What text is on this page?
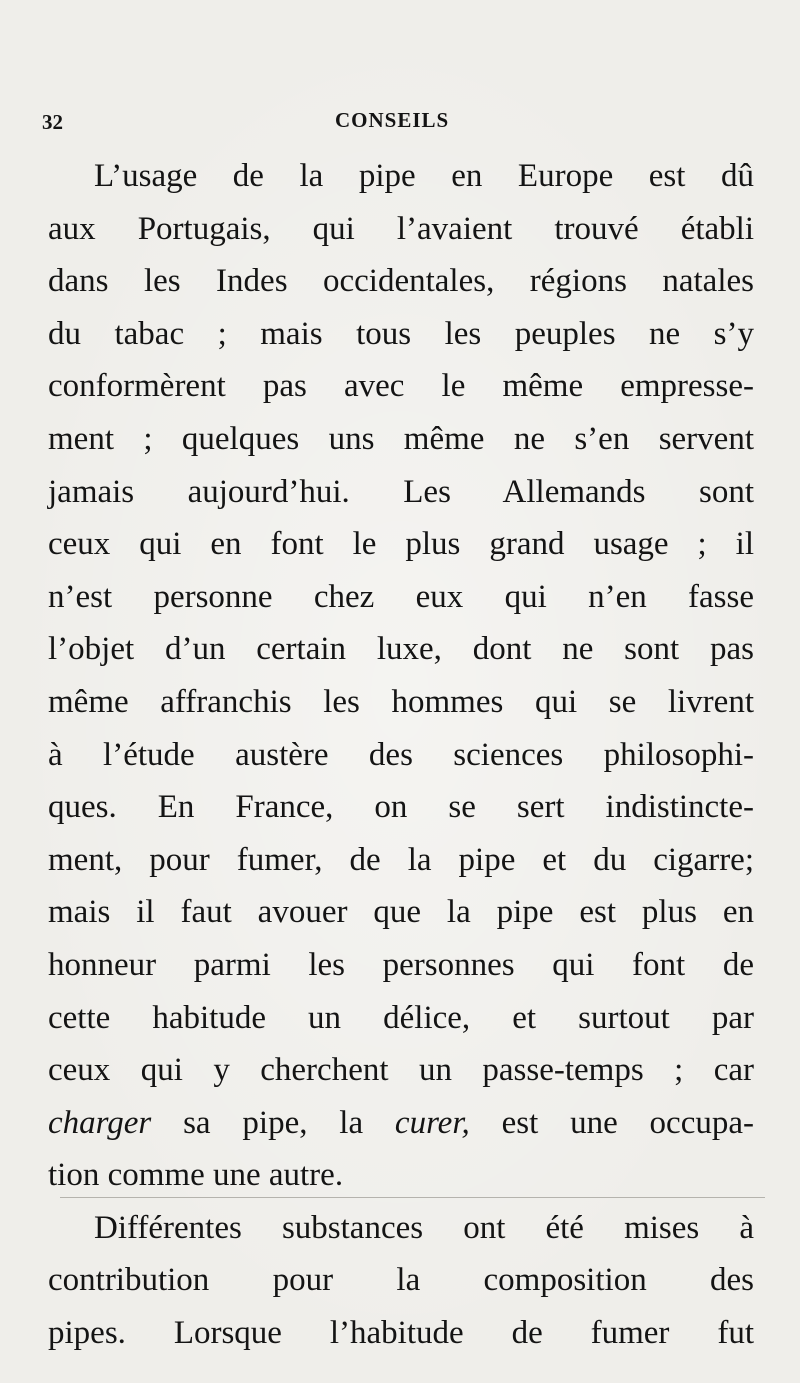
32	CONSEILS
L’usage de la pipe en Europe est dû
aux Portugais, qui l’avaient trouvé établi
dans les Indes occidentales, régions natales
du tabac ; mais tous les peuples ne s’y
conformèrent pas avec le même empresse-
ment ; quelques uns même ne s’en servent
jamais aujourd’hui. Les Allemands sont
ceux qui en font le plus grand usage ; il
n’est personne chez eux qui n’en fasse
l’objet d’un certain luxe, dont ne sont pas
même affranchis les hommes qui se livrent
à l’étude austère des sciences philosophi-
ques. En France, on se sert indistincte-
ment, pour fumer, de la pipe et du cigarre;
mais il faut avouer que la pipe est plus en
honneur parmi les personnes qui font de
cette habitude un délice, et surtout par
ceux qui y cherchent un passe-temps ; car
charger sa pipe, la curer, est une occupa-
tion comme une autre.
Différentes substances ont été mises à
contribution pour la composition des
pipes. Lorsque l’habitude de fumer fut
